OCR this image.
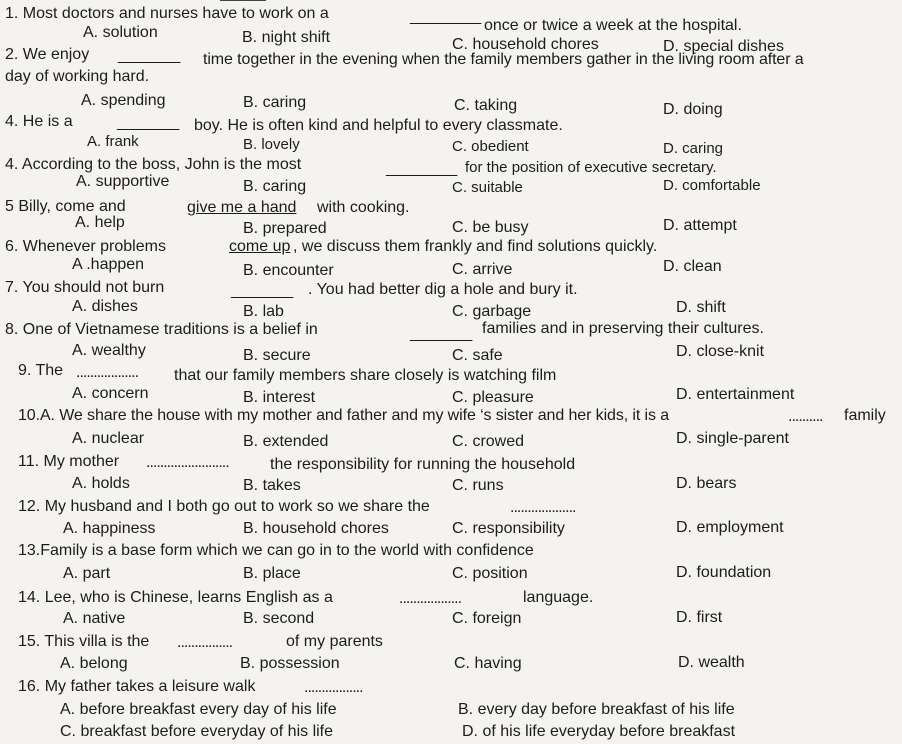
1. Most doctors and nurses have to work on a	________
once or twice a week at the hospital.
A. solution	B. night shift	C. household chores	D. special dishes
2. We enjoy _______ time together in the evening when the family members gather in the living room after a
day of working hard.
A. spending	B. caring	C. taking	D. doing
4. He is a	_______ boy. He is often kind and helpful to every classmate.
A. frank	B. lovely	C. obedient	D. caring
4. According to the boss, John is the most	________ for the position of executive secretary.
A. supportive	B. caring	C. suitable	D. comfortable
5 Billy, come and	give me a hand with cooking.
A. help	B. prepared	C. be busy	D. attempt
6. Whenever problems	come up , we discuss them frankly and find solutions quickly.
A .happen	B. encounter	C. arrive	D. clean
7. You should not burn	_______ . You had better dig a hole and bury it.
A. dishes	B. lab	C. garbage	D. shift
8. One of Vietnamese traditions is a belief in	_______ families and in preserving their cultures.
A. wealthy	B. secure	C. safe	D. close-knit
9. The .................. that our family members share closely is watching film
A. concern	B. interest	C. pleasure	D. entertainment
10.A. We share the house with my mother and father and my wife ‘s sister and her kids, it is a	.......... family
A. nuclear	B. extended	C. crowed	D. single-parent
11. My mother ........................	the responsibility for running the household
A. holds	B. takes	C. runs	D. bears
12. My husband and I both go out to work so we share the	...................
A. happiness	B. household chores	C. responsibility	D. employment
13.Family is a base form which we can go in to the world with confidence
A. part	B. place	C. position	D. foundation
14. Lee, who is Chinese, learns English as a	..................	language.
A. native	B. second	C. foreign	D. first
15. This villa is the ................	of my parents
A. belong	B. possession	C. having	D. wealth
16. My father takes a leisure walk	.................
A. before breakfast every day of his life	B. every day before breakfast of his life
C. breakfast before everyday of his life	D. of his life everyday before breakfast
